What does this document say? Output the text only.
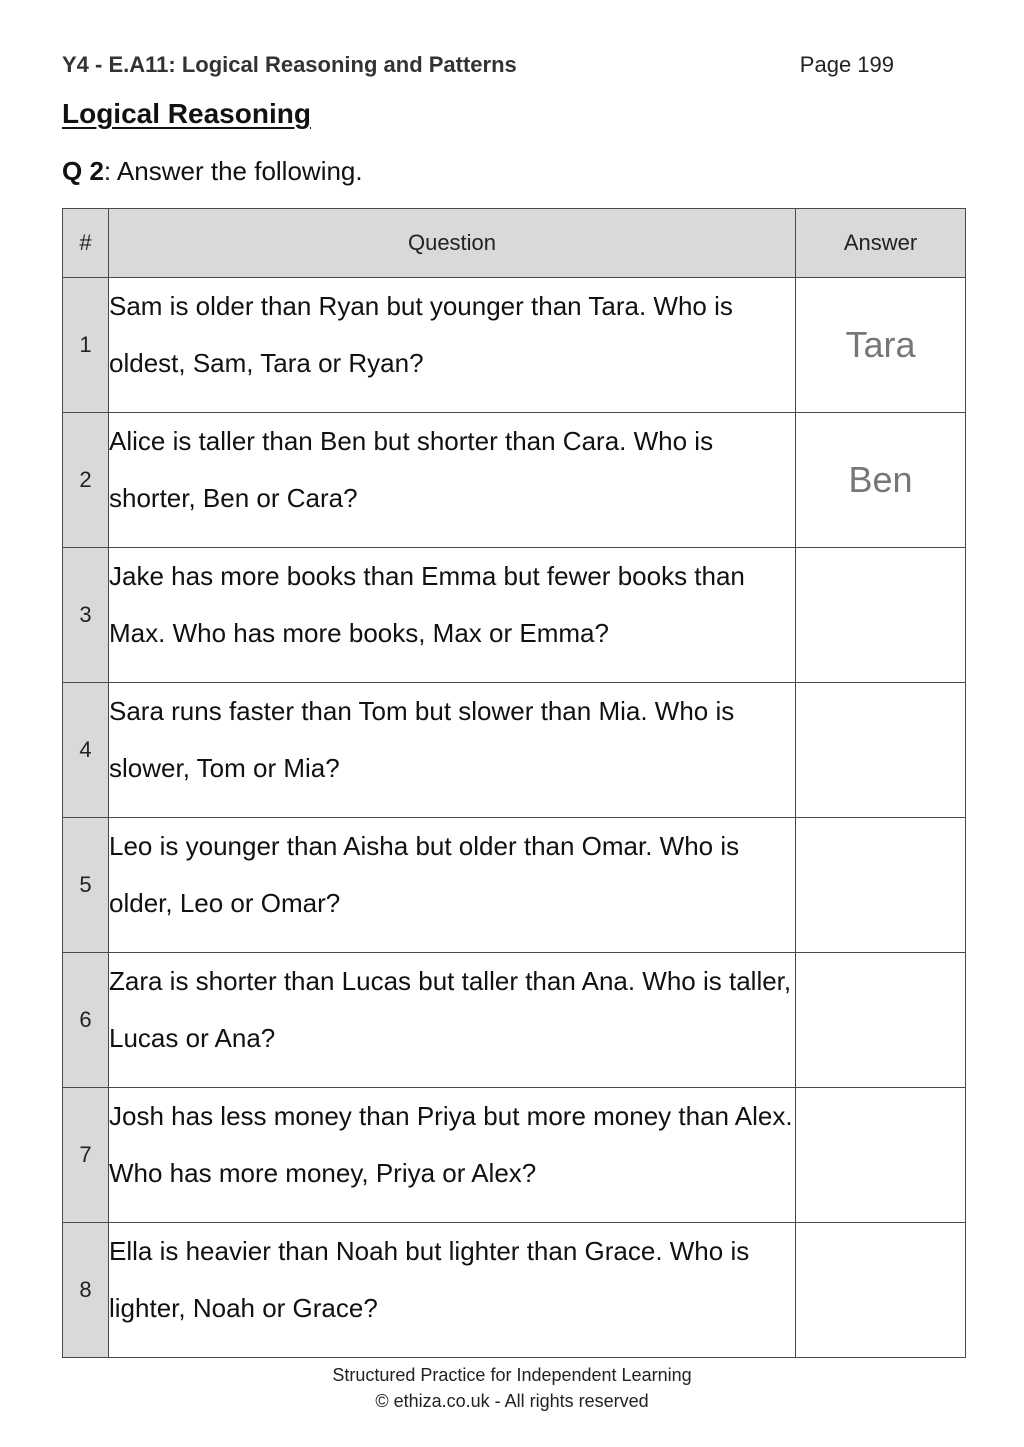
Y4 - E.A11: Logical Reasoning and Patterns	Page 199
Logical Reasoning
Q 2: Answer the following.
#	Question	Answer
1	Sam is older than Ryan but younger than Tara. Who is oldest, Sam, Tara or Ryan?	Tara
2	Alice is taller than Ben but shorter than Cara. Who is shorter, Ben or Cara?	Ben
3	Jake has more books than Emma but fewer books than Max. Who has more books, Max or Emma?	
4	Sara runs faster than Tom but slower than Mia. Who is slower, Tom or Mia?	
5	Leo is younger than Aisha but older than Omar. Who is older, Leo or Omar?	
6	Zara is shorter than Lucas but taller than Ana. Who is taller, Lucas or Ana?	
7	Josh has less money than Priya but more money than Alex. Who has more money, Priya or Alex?	
8	Ella is heavier than Noah but lighter than Grace. Who is lighter, Noah or Grace?	
Structured Practice for Independent Learning
© ethiza.co.uk - All rights reserved
